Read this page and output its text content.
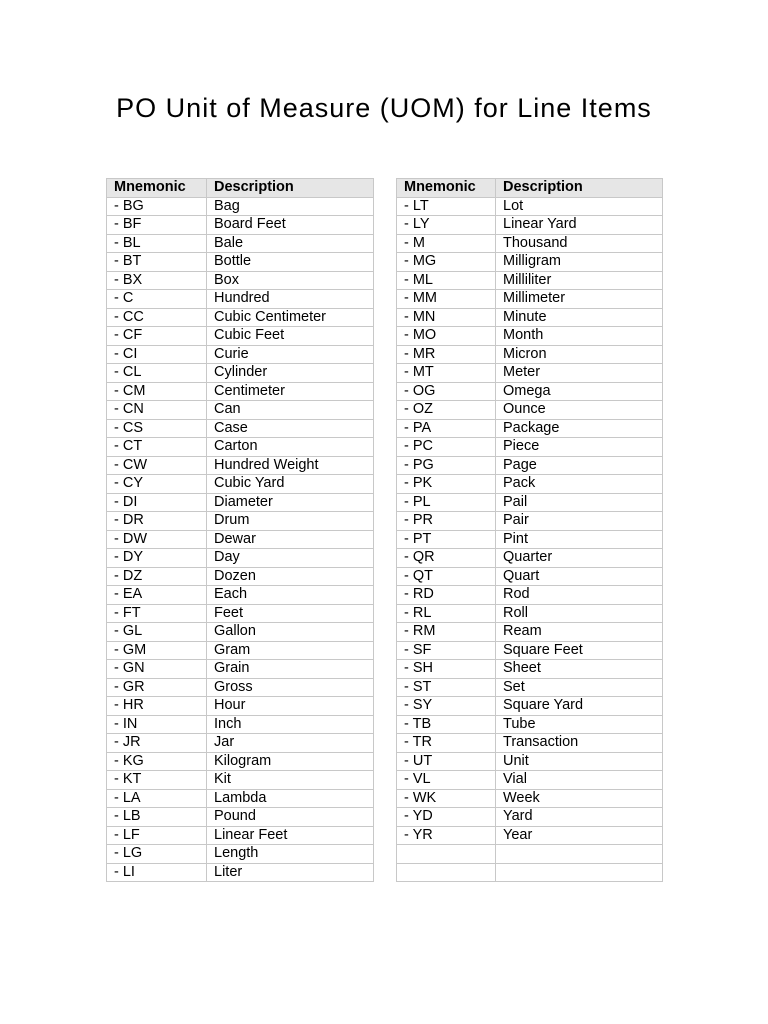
PO Unit of Measure (UOM) for Line Items
Mnemonic	Description
- BG	Bag
- BF	Board Feet
- BL	Bale
- BT	Bottle
- BX	Box
- C	Hundred
- CC	Cubic Centimeter
- CF	Cubic Feet
- CI	Curie
- CL	Cylinder
- CM	Centimeter
- CN	Can
- CS	Case
- CT	Carton
- CW	Hundred Weight
- CY	Cubic Yard
- DI	Diameter
- DR	Drum
- DW	Dewar
- DY	Day
- DZ	Dozen
- EA	Each
- FT	Feet
- GL	Gallon
- GM	Gram
- GN	Grain
- GR	Gross
- HR	Hour
- IN	Inch
- JR	Jar
- KG	Kilogram
- KT	Kit
- LA	Lambda
- LB	Pound
- LF	Linear Feet
- LG	Length
- LI	Liter
Mnemonic	Description
- LT	Lot
- LY	Linear Yard
- M	Thousand
- MG	Milligram
- ML	Milliliter
- MM	Millimeter
- MN	Minute
- MO	Month
- MR	Micron
- MT	Meter
- OG	Omega
- OZ	Ounce
- PA	Package
- PC	Piece
- PG	Page
- PK	Pack
- PL	Pail
- PR	Pair
- PT	Pint
- QR	Quarter
- QT	Quart
- RD	Rod
- RL	Roll
- RM	Ream
- SF	Square Feet
- SH	Sheet
- ST	Set
- SY	Square Yard
- TB	Tube
- TR	Transaction
- UT	Unit
- VL	Vial
- WK	Week
- YD	Yard
- YR	Year
